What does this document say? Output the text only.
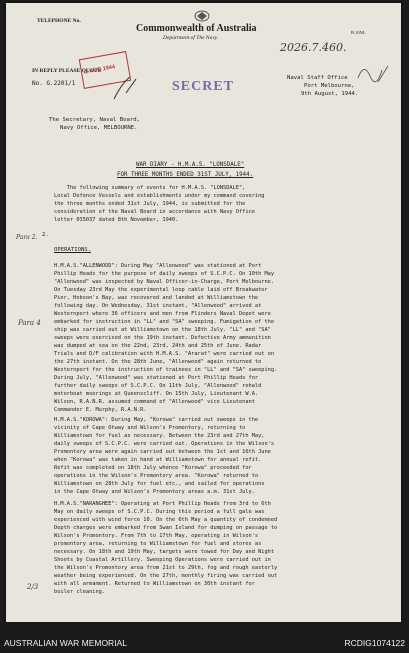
TELEPHONE No.
B.10NL
Commonwealth of Australia
Department of The Navy.
IN REPLY PLEASE QUOTE
No. G.2201/1
1 AUG 1944
SECRET
2026.7.460.
Naval Staff Office
Port Melbourne,
9th August, 1944.
The Secretary, Naval Board,
Navy Office, MELBOURNE.
WAR DIARY - H.M.A.S. "LONSDALE"
FOR THREE MONTHS ENDED 31ST JULY, 1944.
The following summary of events for H.M.A.S. "LONSDALE",
Local Defence Vessels and establishments under my command covering
the three months ended 31st July, 1944, is submitted for the
consideration of the Naval Board in accordance with Navy Office
letter 035037 dated 8th November, 1940.
2.
OPERATIONS.
H.M.A.S."ALLENWOOD": During May "Allenwood" was stationed at Port
Phillip Heads for the purpose of daily sweeps of S.C.P.C. On 10th May
"Allenwood" was inspected by Naval Officer-in-Charge, Port Melbourne.
On Tuesday 23rd May the experimental loop cable laid off Breakwater
Pier, Hobson's Bay, was recovered and landed at Williamstown the
following day. On Wednesday, 31st instant, "Allenwood" arrived at
Westernport where 36 officers and men from Flinders Naval Depot were
embarked for instruction in "LL" and "SA" sweeping. Fumigation of the
ship was carried out at Williamstown on the 18th July. "LL" and "SA"
sweeps were exercised on the 19th instant. Defective Army ammunition
was dumped at sea on the 22nd, 23rd, 24th and 25th of June. Radar
Trials and D/F calibration with H.M.A.S. "Ararat" were carried out on
the 27th instant. On the 28th June, "Allenwood" again returned to
Westernport for the instruction of trainees in "LL" and "SA" sweeping.
During July, "Allenwood" was stationed at Port Phillip Heads for
further daily sweeps of S.C.P.C. On 11th July, "Allenwood" rehald
motorboat moorings at Queenscliff. On 15th July, Lieutenant W.A.
Wilson, R.A.N.R. assumed command of "Allenwood" vice Lieutenant
Commander E. Murphy, R.A.N.R.
H.M.A.S."KOROWA": During May, "Korowa" carried out sweeps in the
vicinity of Cape Otway and Wilson's Promontory, returning to
Williamstown for fuel as necessary. Between the 23rd and 27th May,
daily sweeps of S.C.P.C. were carried out. Operations in the Wilson's
Promontory area were again carried out between the 1st and 16th June
when "Korowa" was taken in hand at Williamstown for annual refit.
Refit was completed on 18th July whence "Korowa" proceeded for
operations in the Wilson's Promontory area. "Korowa" returned to
Williamstown on 28th July for fuel etc., and sailed for operations
in the Cape Otway and Wilson's Promontory areas a.m. 31st July.
H.M.A.S."NARANGHEE": Operating at Port Phillip Heads from 3rd to 6th
May on daily sweeps of S.C.P.C. During this period a full gale was
experienced with wind force 10. On the 6th May a quantity of condemned
Depth charges were embarked from Swan Island for dumping on passage to
Wilson's Promontory. From 7th to 17th May, operating in Wilson's
promontory area, returning to Williamstown for fuel and stores as
necessary. On 18th and 19th May, targets were towed for Day and Night
Shoots by Coastal Artillery. Sweeping Operations were carried out in
the Wilson's Promontory area from 21st to 29th, fog and rough easterly
weather being experienced. On the 27th, monthly firing was carried out
with all armament. Returned to Williamstown on 30th instant for
boiler cleaning.
Para 2.
Para 4
2/3
AUSTRALIAN WAR MEMORIAL	RCDIG1074122
